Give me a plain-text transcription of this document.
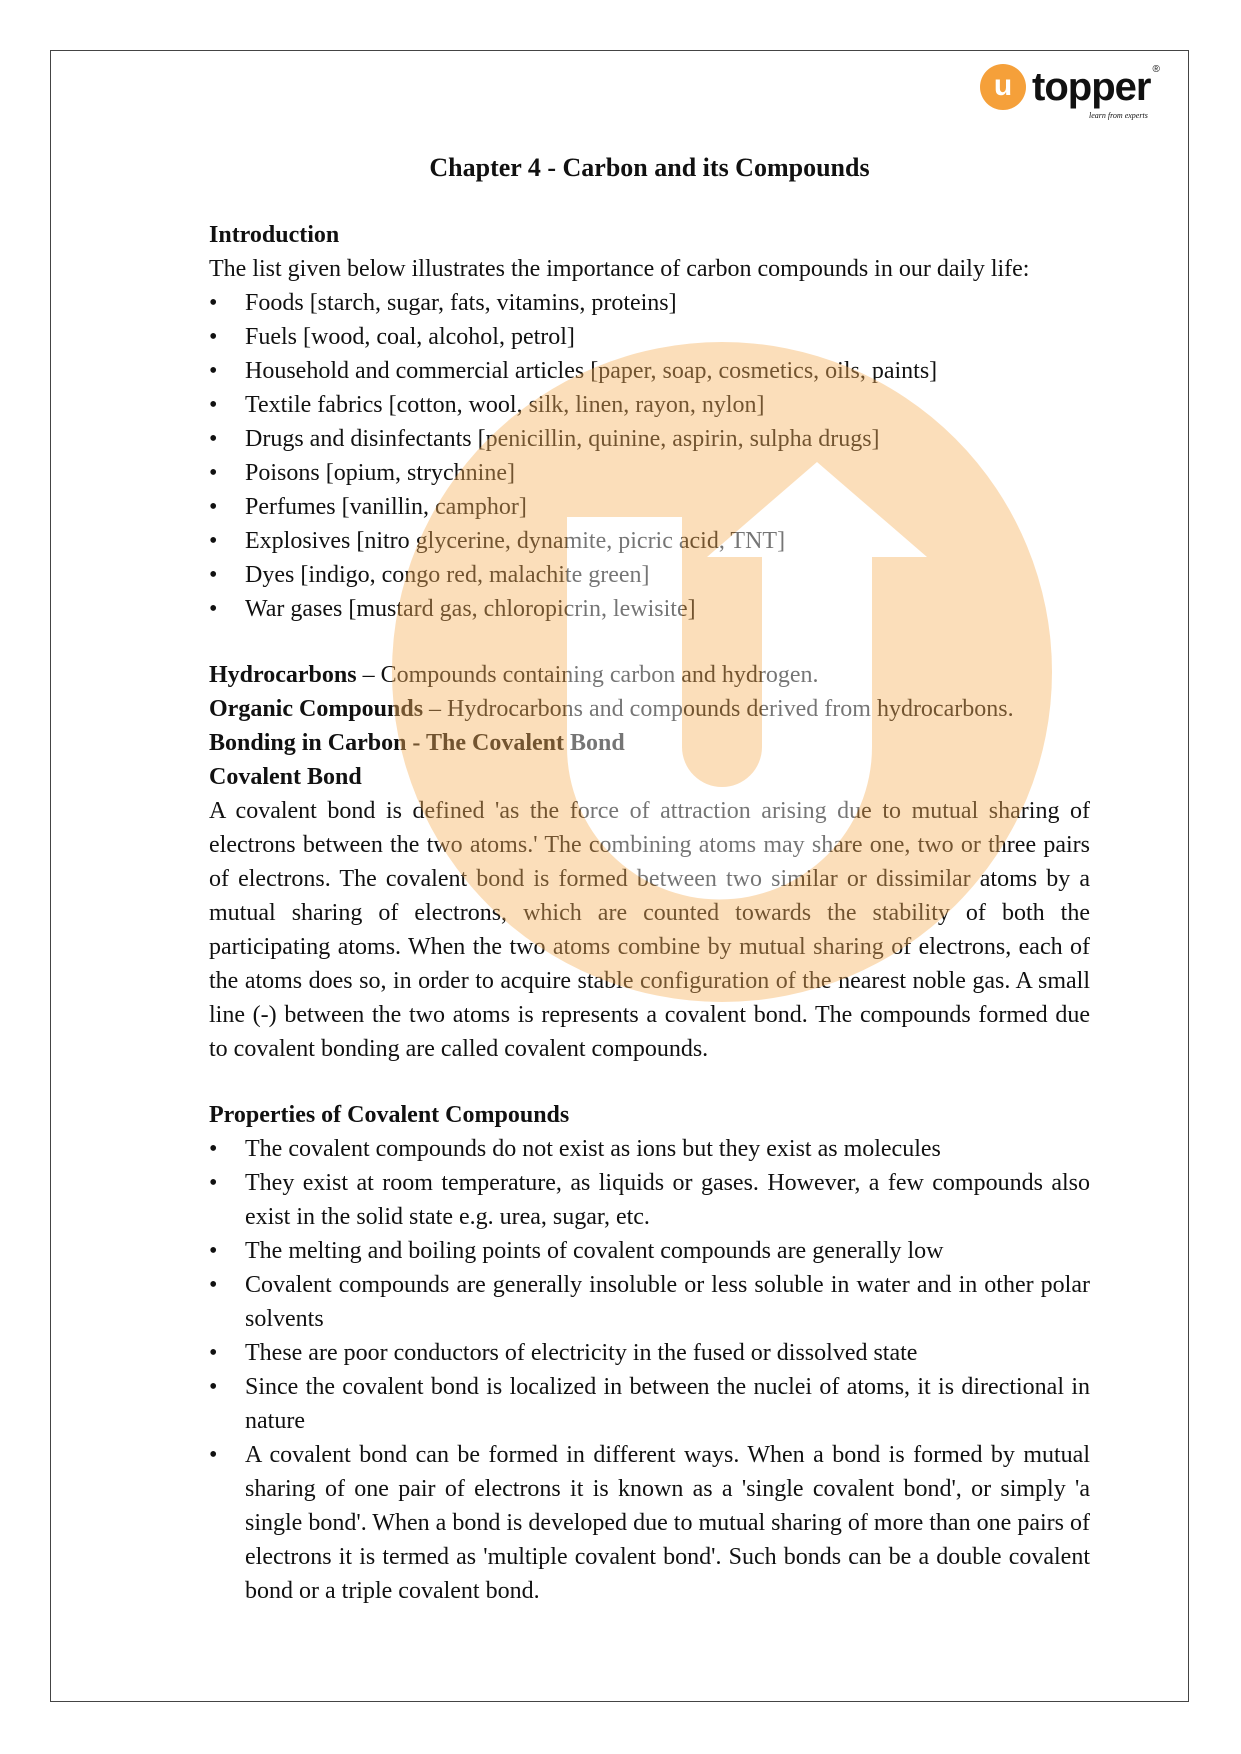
u topper ®
learn from experts
Chapter 4 - Carbon and its Compounds

Introduction

The list given below illustrates the importance of carbon compounds in our daily life:

• Foods [starch, sugar, fats, vitamins, proteins]
• Fuels [wood, coal, alcohol, petrol]
• Household and commercial articles [paper, soap, cosmetics, oils, paints]
• Textile fabrics [cotton, wool, silk, linen, rayon, nylon]
• Drugs and disinfectants [penicillin, quinine, aspirin, sulpha drugs]
• Poisons [opium, strychnine]
• Perfumes [vanillin, camphor]
• Explosives [nitro glycerine, dynamite, picric acid, TNT]
• Dyes [indigo, congo red, malachite green]
• War gases [mustard gas, chloropicrin, lewisite]

Hydrocarbons – Compounds containing carbon and hydrogen.

Organic Compounds – Hydrocarbons and compounds derived from hydrocarbons.

Bonding in Carbon - The Covalent Bond

Covalent Bond

A covalent bond is defined 'as the force of attraction arising due to mutual sharing of electrons between the two atoms.' The combining atoms may share one, two or three pairs of electrons. The covalent bond is formed between two similar or dissimilar atoms by a mutual sharing of electrons, which are counted towards the stability of both the participating atoms. When the two atoms combine by mutual sharing of electrons, each of the atoms does so, in order to acquire stable configuration of the nearest noble gas. A small line (-) between the two atoms is represents a covalent bond. The compounds formed due to covalent bonding are called covalent compounds.

Properties of Covalent Compounds

• The covalent compounds do not exist as ions but they exist as molecules
• They exist at room temperature, as liquids or gases. However, a few compounds also exist in the solid state e.g. urea, sugar, etc.
• The melting and boiling points of covalent compounds are generally low
• Covalent compounds are generally insoluble or less soluble in water and in other polar solvents
• These are poor conductors of electricity in the fused or dissolved state
• Since the covalent bond is localized in between the nuclei of atoms, it is directional in nature
• A covalent bond can be formed in different ways. When a bond is formed by mutual sharing of one pair of electrons it is known as a 'single covalent bond', or simply 'a single bond'. When a bond is developed due to mutual sharing of more than one pairs of electrons it is termed as 'multiple covalent bond'. Such bonds can be a double covalent bond or a triple covalent bond.
